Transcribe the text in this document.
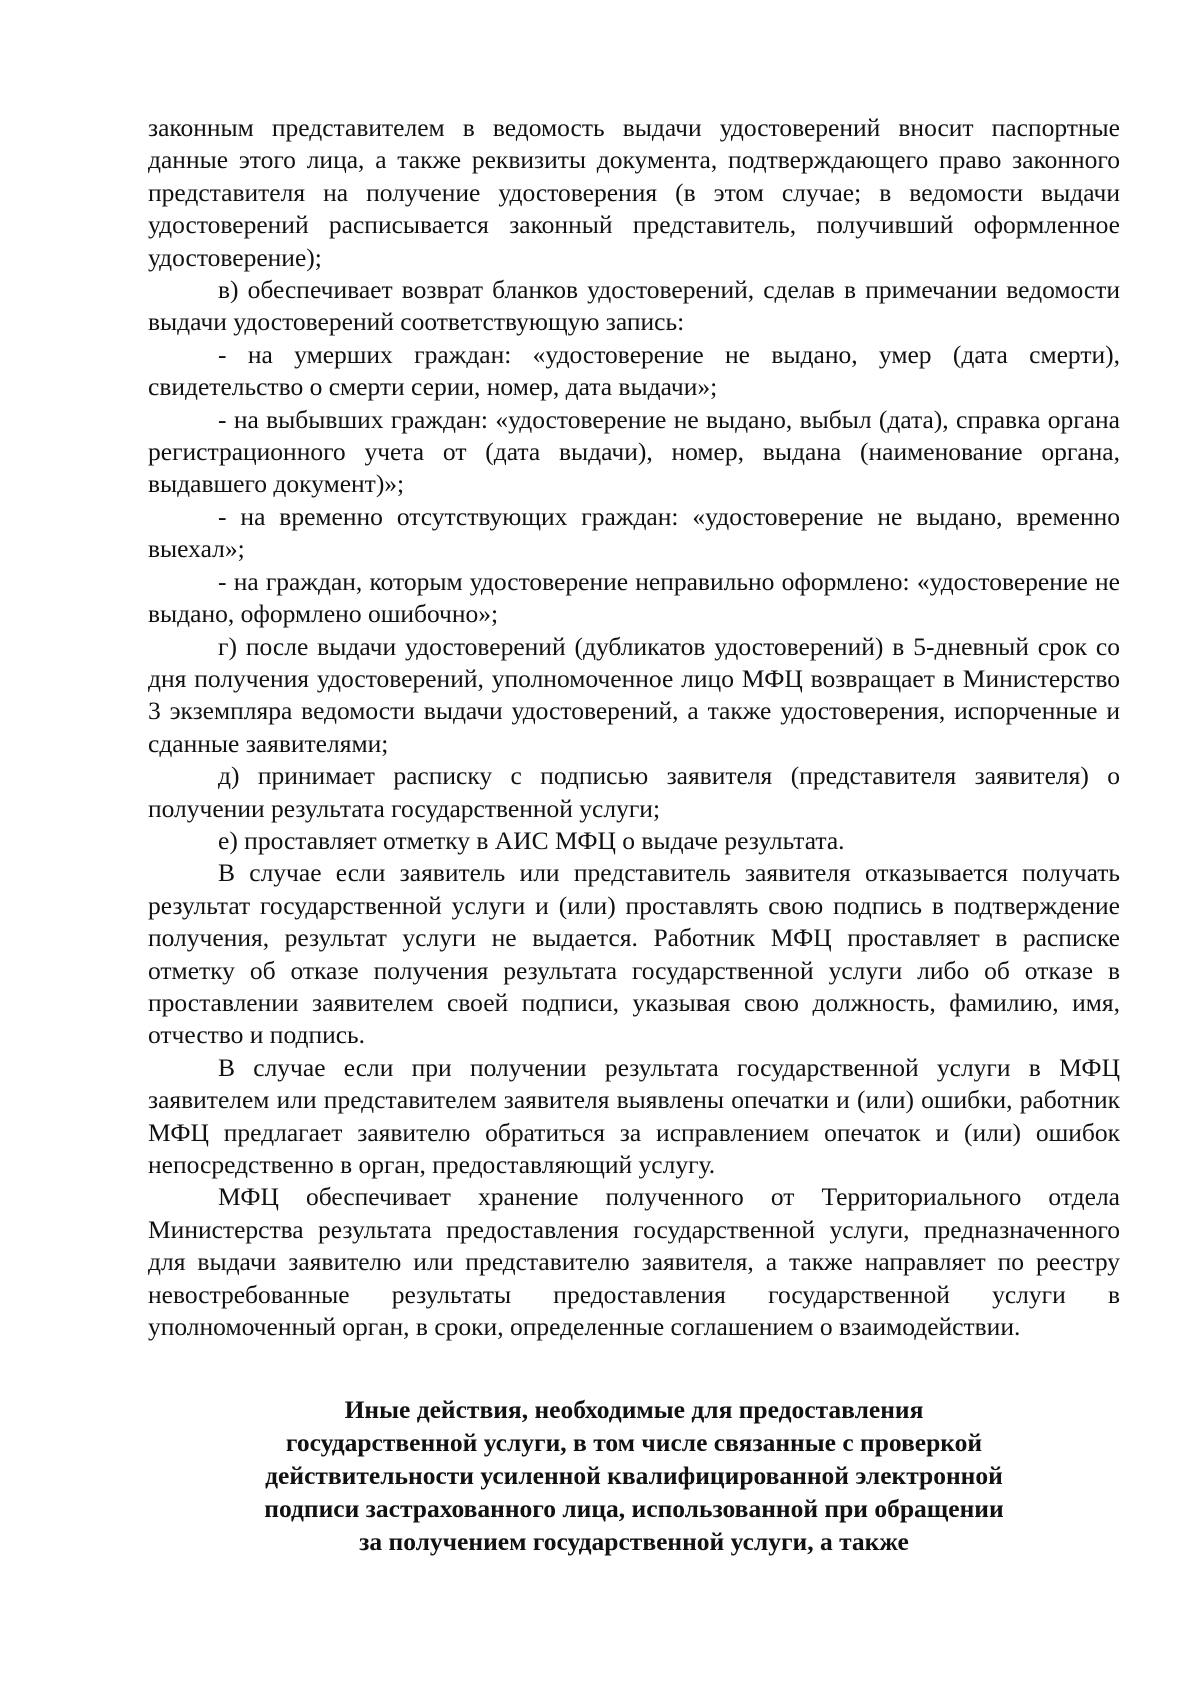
законным представителем в ведомость выдачи удостоверений вносит паспортные данные этого лица, а также реквизиты документа, подтверждающего право законного представителя на получение удостоверения (в этом случае; в ведомости выдачи удостоверений расписывается законный представитель, получивший оформленное удостоверение);

в) обеспечивает возврат бланков удостоверений, сделав в примечании ведомости выдачи удостоверений соответствующую запись:

- на умерших граждан: «удостоверение не выдано, умер (дата смерти), свидетельство о смерти серии, номер, дата выдачи»;

- на выбывших граждан: «удостоверение не выдано, выбыл (дата), справка органа регистрационного учета от (дата выдачи), номер, выдана (наименование органа, выдавшего документ)»;

- на временно отсутствующих граждан: «удостоверение не выдано, временно выехал»;

- на граждан, которым удостоверение неправильно оформлено: «удостоверение не выдано, оформлено ошибочно»;

г) после выдачи удостоверений (дубликатов удостоверений) в 5-дневный срок со дня получения удостоверений, уполномоченное лицо МФЦ возвращает в Министерство 3 экземпляра ведомости выдачи удостоверений, а также удостоверения, испорченные и сданные заявителями;

д) принимает расписку с подписью заявителя (представителя заявителя) о получении результата государственной услуги;

е) проставляет отметку в АИС МФЦ о выдаче результата.

В случае если заявитель или представитель заявителя отказывается получать результат государственной услуги и (или) проставлять свою подпись в подтверждение получения, результат услуги не выдается. Работник МФЦ проставляет в расписке отметку об отказе получения результата государственной услуги либо об отказе в проставлении заявителем своей подписи, указывая свою должность, фамилию, имя, отчество и подпись.

В случае если при получении результата государственной услуги в МФЦ заявителем или представителем заявителя выявлены опечатки и (или) ошибки, работник МФЦ предлагает заявителю обратиться за исправлением опечаток и (или) ошибок непосредственно в орган, предоставляющий услугу.

МФЦ обеспечивает хранение полученного от Территориального отдела Министерства результата предоставления государственной услуги, предназначенного для выдачи заявителю или представителю заявителя, а также направляет по реестру невостребованные результаты предоставления государственной услуги в уполномоченный орган, в сроки, определенные соглашением о взаимодействии.

Иные действия, необходимые для предоставления
государственной услуги, в том числе связанные с проверкой
действительности усиленной квалифицированной электронной
подписи застрахованного лица, использованной при обращении
за получением государственной услуги, а также
